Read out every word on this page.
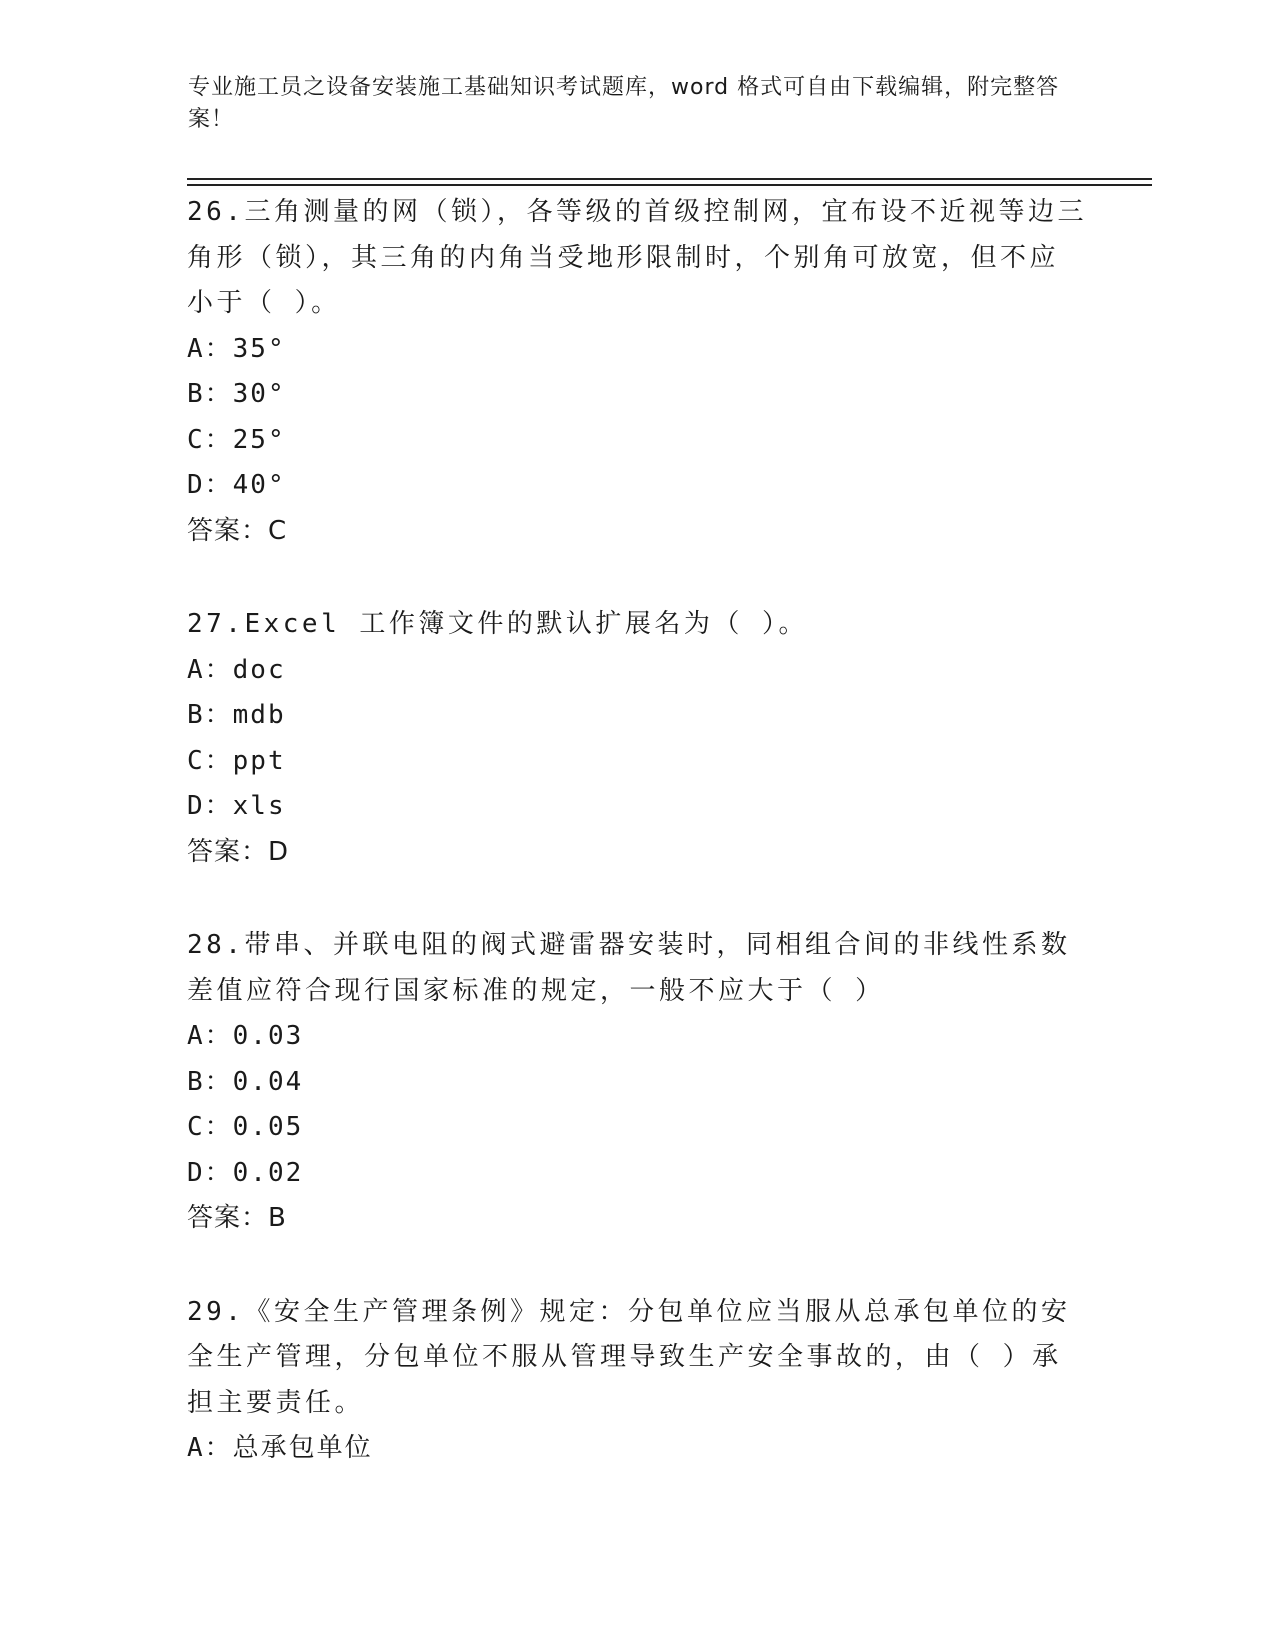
专业施工员之设备安装施工基础知识考试题库，word 格式可自由下载编辑，附完整答案！
26.三角测量的网（锁），各等级的首级控制网，宜布设不近视等边三角形（锁），其三角的内角当受地形限制时，个别角可放宽，但不应小于（ ）。
A：35°
B：30°
C：25°
D：40°
答案：C
27.Excel 工作簿文件的默认扩展名为（ ）。
A：doc
B：mdb
C：ppt
D：xls
答案：D
28.带串、并联电阻的阀式避雷器安装时，同相组合间的非线性系数差值应符合现行国家标准的规定，一般不应大于（ ）
A：0.03
B：0.04
C：0.05
D：0.02
答案：B
29.《安全生产管理条例》规定：分包单位应当服从总承包单位的安全生产管理，分包单位不服从管理导致生产安全事故的，由（ ）承担主要责任。
A：总承包单位
